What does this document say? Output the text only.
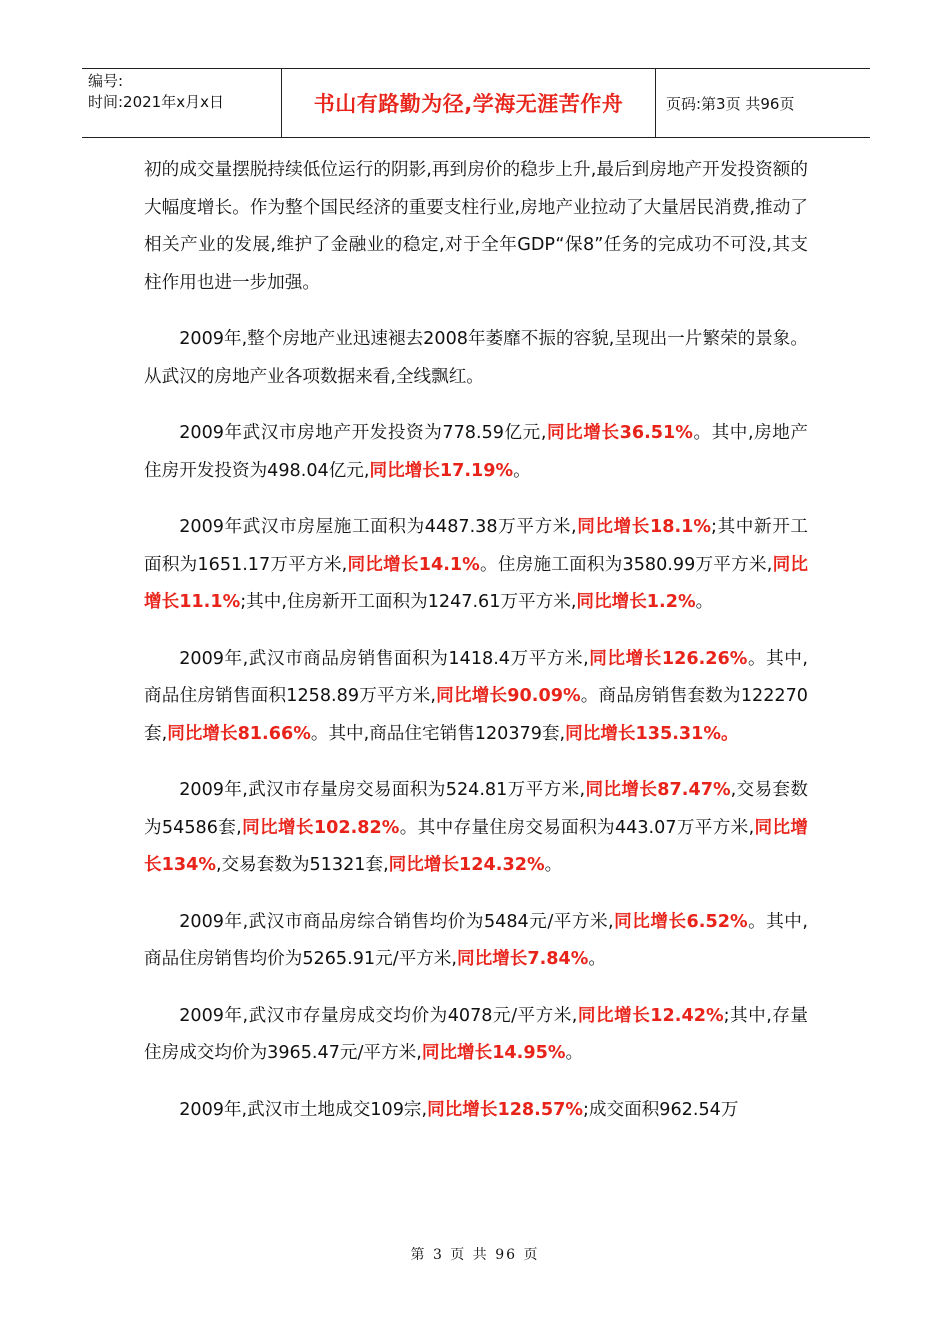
编号:
时间:2021年x月x日	书山有路勤为径,学海无涯苦作舟	页码:第3页 共96页

初的成交量摆脱持续低位运行的阴影,再到房价的稳步上升,最后到房地产开发投资额的大幅度增长。作为整个国民经济的重要支柱行业,房地产业拉动了大量居民消费,推动了相关产业的发展,维护了金融业的稳定,对于全年GDP“保8”任务的完成功不可没,其支柱作用也进一步加强。

2009年,整个房地产业迅速褪去2008年萎靡不振的容貌,呈现出一片繁荣的景象。从武汉的房地产业各项数据来看,全线飘红。

2009年武汉市房地产开发投资为778.59亿元,同比增长36.51%。其中,房地产住房开发投资为498.04亿元,同比增长17.19%。

2009年武汉市房屋施工面积为4487.38万平方米,同比增长18.1%;其中新开工面积为1651.17万平方米,同比增长14.1%。住房施工面积为3580.99万平方米,同比增长11.1%;其中,住房新开工面积为1247.61万平方米,同比增长1.2%。

2009年,武汉市商品房销售面积为1418.4万平方米,同比增长126.26%。其中,商品住房销售面积1258.89万平方米,同比增长90.09%。商品房销售套数为122270套,同比增长81.66%。其中,商品住宅销售120379套,同比增长135.31%。

2009年,武汉市存量房交易面积为524.81万平方米,同比增长87.47%,交易套数为54586套,同比增长102.82%。其中存量住房交易面积为443.07万平方米,同比增长134%,交易套数为51321套,同比增长124.32%。

2009年,武汉市商品房综合销售均价为5484元/平方米,同比增长6.52%。其中,商品住房销售均价为5265.91元/平方米,同比增长7.84%。

2009年,武汉市存量房成交均价为4078元/平方米,同比增长12.42%;其中,存量住房成交均价为3965.47元/平方米,同比增长14.95%。

2009年,武汉市土地成交109宗,同比增长128.57%;成交面积962.54万

第 3 页 共 96 页
